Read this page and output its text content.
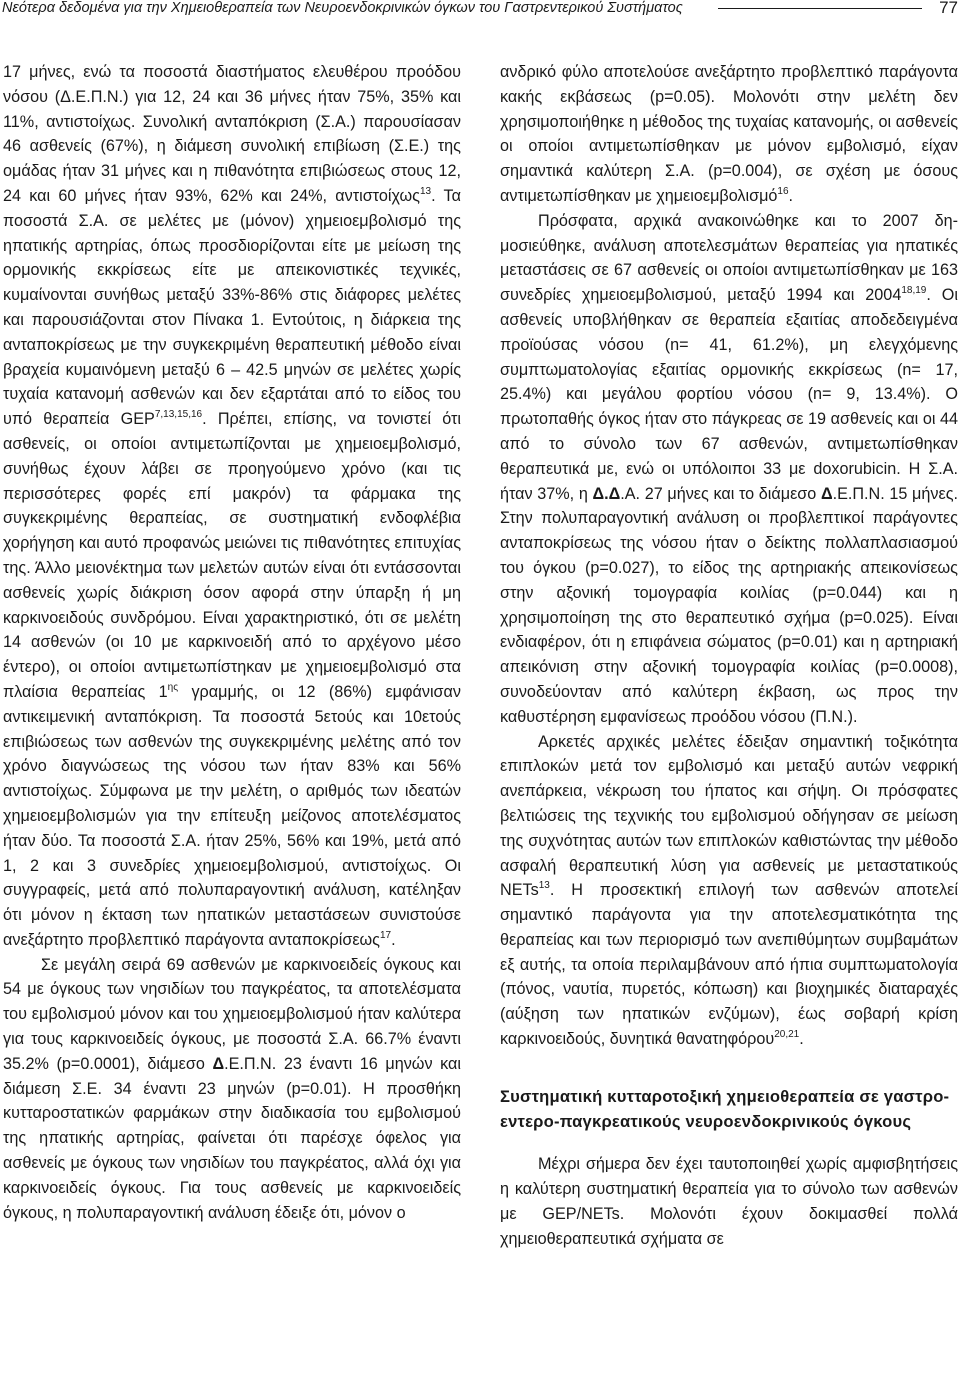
Νεότερα δεδομένα για την Χημειοθεραπεία των Νευροενδοκρινικών όγκων του Γαστρεντερικού Συστήματος	77

17 μήνες, ενώ τα ποσοστά διαστήματος ελευθέρου προόδου νόσου (Δ.Ε.Π.Ν.) για 12, 24 και 36 μήνες ήταν 75%, 35% και 11%, αντιστοίχως. Συνολική ανταπόκριση (Σ.Α.) παρουσίασαν 46 ασθενείς (67%), η διάμεση συνολική επιβίωση (Σ.Ε.) της ομάδας ήταν 31 μήνες και η πιθανότητα επιβιώσεως στους 12, 24 και 60 μήνες ήταν 93%, 62% και 24%, αντιστοίχως$^{13}$. Τα ποσοστά Σ.Α. σε μελέτες με (μόνον) χημειοεμβολισμό της ηπατικής αρτηρίας, όπως προσδιορίζονται είτε με μείωση της ορμονικής εκκρίσεως είτε με απεικονιστικές τεχνικές, κυμαίνονται συνήθως μεταξύ 33%-86% στις διάφορες μελέτες και παρουσιάζονται στον Πίνακα 1. Εντούτοις, η διάρκεια της ανταποκρίσεως με την συγκεκριμένη θεραπευτική μέθοδο είναι βραχεία κυμαινόμενη μεταξύ 6 – 42.5 μηνών σε μελέτες χωρίς τυχαία κατανομή ασθενών και δεν εξαρτάται από το είδος του υπό θεραπεία GEP$^{7,13,15,16}$. Πρέπει, επίσης, να τονιστεί ότι ασθενείς, οι οποίοι αντιμετωπίζονται με χημειοεμβολισμό, συνήθως έχουν λάβει σε προηγούμενο χρόνο (και τις περισσότερες φορές επί μακρόν) τα φάρμακα της συγκεκριμένης θεραπείας, σε συστηματική ενδοφλέβια χορήγηση και αυτό προφανώς μειώνει τις πιθανότητες επιτυχίας της. Άλλο μειονέκτημα των μελετών αυτών είναι ότι εντάσσονται ασθενείς χωρίς διάκριση όσον αφορά στην ύπαρξη ή μη καρκινοειδούς συνδρόμου. Είναι χαρακτηριστικό, ότι σε μελέτη 14 ασθενών (οι 10 με καρκινοειδή από το αρχέγονο μέσο έντερο), οι οποίοι αντιμετωπίστηκαν με χημειοεμβολισμό στα πλαίσια θεραπείας $1^{\eta\varsigma}$ γραμμής, οι 12 (86%) εμφάνισαν αντικειμενική ανταπόκριση. Τα ποσοστά 5ετούς και 10ετούς επιβιώσεως των ασθενών της συγκεκριμένης μελέτης από τον χρόνο διαγνώσεως της νόσου των ήταν 83% και 56% αντιστοίχως. Σύμφωνα με την μελέτη, ο αριθμός των ιδεατών χημειοεμβολισμών για την επίτευξη μείζονος αποτελέσματος ήταν δύο. Τα ποσοστά Σ.Α. ήταν 25%, 56% και 19%, μετά από 1, 2 και 3 συνεδρίες χημειοεμβολισμού, αντιστοίχως. Οι συγγραφείς, μετά από πολυπαραγοντική ανάλυση, κατέληξαν ότι μόνον η έκταση των ηπατικών μεταστάσεων συνιστούσε ανεξάρτητο προβλεπτικό παράγοντα ανταποκρίσεως$^{17}$.

Σε μεγάλη σειρά 69 ασθενών με καρκινοειδείς όγκους και 54 με όγκους των νησιδίων του παγκρέατος, τα αποτελέσματα του εμβολισμού μόνον και του χημειοεμβολισμού ήταν καλύτερα για τους καρκινοειδείς όγκους, με ποσοστά Σ.Α. 66.7% έναντι 35.2% (p=0.0001), διάμεσο Δ.Ε.Π.Ν. 23 έναντι 16 μηνών και διάμεση Σ.Ε. 34 έναντι 23 μηνών (p=0.01). Η προσθήκη κυτταροστατικών φαρμάκων στην διαδικασία του εμβολισμού της ηπατικής αρτηρίας, φαίνεται ότι παρέσχε όφελος για ασθενείς με όγκους των νησιδίων του παγκρέατος, αλλά όχι για καρκινοειδείς όγκους. Για τους ασθενείς με καρκινοειδείς όγκους, η πολυπαραγοντική ανάλυση έδειξε ότι, μόνον ο

ανδρικό φύλο αποτελούσε ανεξάρτητο προβλεπτικό παράγοντα κακής εκβάσεως (p=0.05). Μολονότι στην μελέτη δεν χρησιμοποιήθηκε η μέθοδος της τυχαίας κατανομής, οι ασθενείς οι οποίοι αντιμετωπίσθηκαν με μόνον εμβολισμό, είχαν σημαντικά καλύτερη Σ.Α. (p=0.004), σε σχέση με όσους αντιμετωπίσθηκαν με χημειοεμβολισμό$^{16}$.

Πρόσφατα, αρχικά ανακοινώθηκε και το 2007 δημοσιεύθηκε, ανάλυση αποτελεσμάτων θεραπείας για ηπατικές μεταστάσεις σε 67 ασθενείς οι οποίοι αντιμετωπίσθηκαν με 163 συνεδρίες χημειοεμβολισμού, μεταξύ 1994 και 2004$^{18,19}$. Οι ασθενείς υποβλήθηκαν σε θεραπεία εξαιτίας αποδεδειγμένα προϊούσας νόσου (n= 41, 61.2%), μη ελεγχόμενης συμπτωματολογίας εξαιτίας ορμονικής εκκρίσεως (n= 17, 25.4%) και μεγάλου φορτίου νόσου (n= 9, 13.4%). Ο πρωτοπαθής όγκος ήταν στο πάγκρεας σε 19 ασθενείς και οι 44 από το σύνολο των 67 ασθενών, αντιμετωπίσθηκαν θεραπευτικά με, ενώ οι υπόλοιποι 33 με doxorubicin. Η Σ.Α. ήταν 37%, η Δ.Δ.Α. 27 μήνες και το διάμεσο Δ.Ε.Π.Ν. 15 μήνες. Στην πολυπαραγοντική ανάλυση οι προβλεπτικοί παράγοντες ανταποκρίσεως της νόσου ήταν ο δείκτης πολλαπλασιασμού του όγκου (p=0.027), το είδος της αρτηριακής απεικονίσεως στην αξονική τομογραφία κοιλίας (p=0.044) και η χρησιμοποίηση της στο θεραπευτικό σχήμα (p=0.025). Είναι ενδιαφέρον, ότι η επιφάνεια σώματος (p=0.01) και η αρτηριακή απεικόνιση στην αξονική τομογραφία κοιλίας (p=0.0008), συνοδεύονταν από καλύτερη έκβαση, ως προς την καθυστέρηση εμφανίσεως προόδου νόσου (Π.Ν.).

Αρκετές αρχικές μελέτες έδειξαν σημαντική τοξικότητα επιπλοκών μετά τον εμβολισμό και μεταξύ αυτών νεφρική ανεπάρκεια, νέκρωση του ήπατος και σήψη. Οι πρόσφατες βελτιώσεις της τεχνικής του εμβολισμού οδήγησαν σε μείωση της συχνότητας αυτών των επιπλοκών καθιστώντας την μέθοδο ασφαλή θεραπευτική λύση για ασθενείς με μεταστατικούς NETs$^{13}$. Η προσεκτική επιλογή των ασθενών αποτελεί σημαντικό παράγοντα για την αποτελεσματικότητα της θεραπείας και των περιορισμό των ανεπιθύμητων συμβαμάτων εξ αυτής, τα οποία περιλαμβάνουν από ήπια συμπτωματολογία (πόνος, ναυτία, πυρετός, κόπωση) και βιοχημικές διαταραχές (αύξηση των ηπατικών ενζύμων), έως σοβαρή κρίση καρκινοειδούς, δυνητικά θανατηφόρου$^{20,21}$.

Συστηματική κυτταροτοξική χημειοθεραπεία σε γαστρο-εντερο-παγκρεατικούς νευροενδοκρινικούς όγκους

Μέχρι σήμερα δεν έχει ταυτοποιηθεί χωρίς αμφισβητήσεις η καλύτερη συστηματική θεραπεία για το σύνολο των ασθενών με GEP/NETs. Μολονότι έχουν δοκιμασθεί πολλά χημειοθεραπευτικά σχήματα σε
